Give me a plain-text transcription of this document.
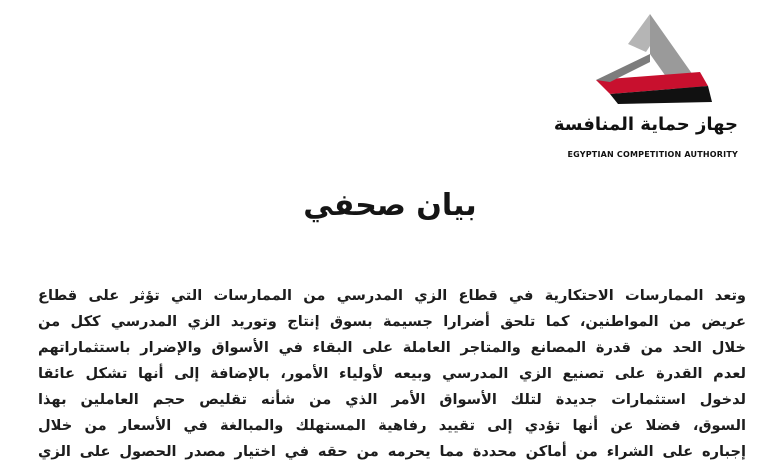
جهاز حماية المنافسة
EGYPTIAN COMPETITION AUTHORITY
بيان صحفي
وتعد الممارسات الاحتكارية في قطاع الزي المدرسي من الممارسات التي تؤثر على قطاع
عريض من المواطنين، كما تلحق أضرارا جسيمة بسوق إنتاج وتوريد الزي المدرسي ككل من
خلال الحد من قدرة المصانع والمتاجر العاملة على البقاء في الأسواق والإضرار باستثماراتهم
لعدم القدرة على تصنيع الزي المدرسي وبيعه لأولياء الأمور، بالإضافة إلى أنها تشكل عائقا
لدخول استثمارات جديدة لتلك الأسواق الأمر الذي من شأنه تقليص حجم العاملين بهذا
السوق، فضلا عن أنها تؤدي إلى تقييد رفاهية المستهلك والمبالغة في الأسعار من خلال
إجباره على الشراء من أماكن محددة مما يحرمه من حقه في اختيار مصدر الحصول على الزي
